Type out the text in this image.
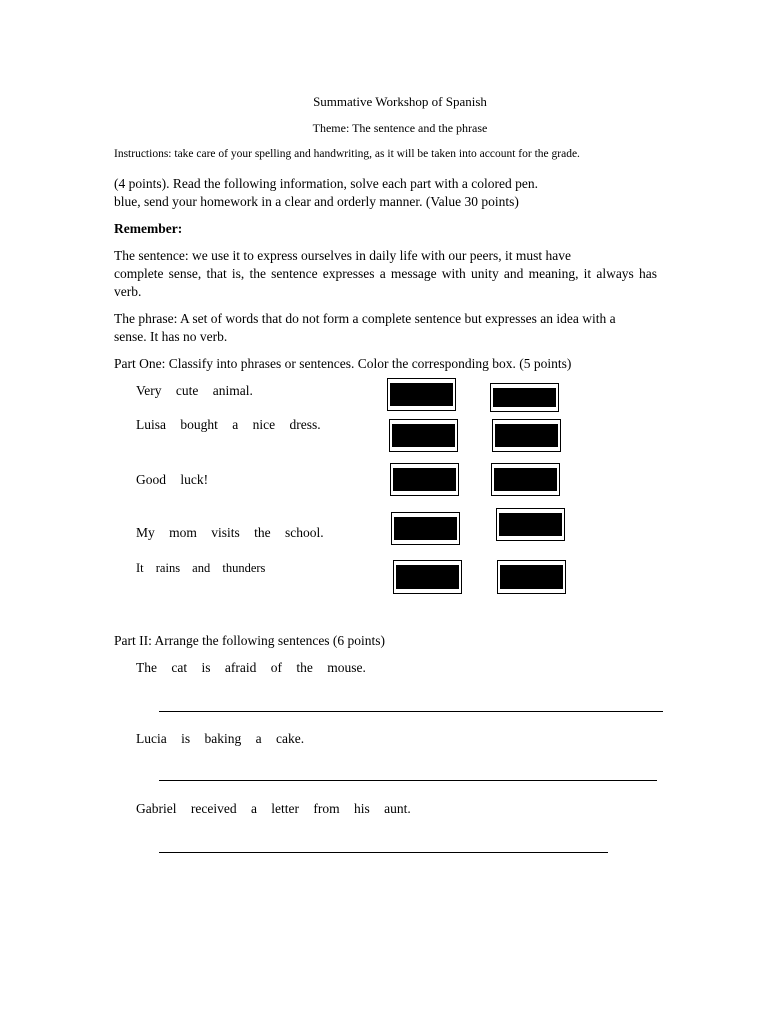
Summative Workshop of Spanish
Theme: The sentence and the phrase
Instructions: take care of your spelling and handwriting, as it will be taken into account for the grade.
(4 points). Read the following information, solve each part with a colored pen.
blue, send your homework in a clear and orderly manner. (Value 30 points)
Remember:
The sentence: we use it to express ourselves in daily life with our peers, it must have
complete sense, that is, the sentence expresses a message with unity and meaning, it always has
verb.
The phrase: A set of words that do not form a complete sentence but expresses an idea with a
sense. It has no verb.
Part One: Classify into phrases or sentences. Color the corresponding box. (5 points)
Very cute animal.
Luisa bought a nice dress.
Good luck!
My mom visits the school.
It rains and thunders
Part II: Arrange the following sentences (6 points)
The cat is afraid of the mouse.
Lucia is baking a cake.
Gabriel received a letter from his aunt.
